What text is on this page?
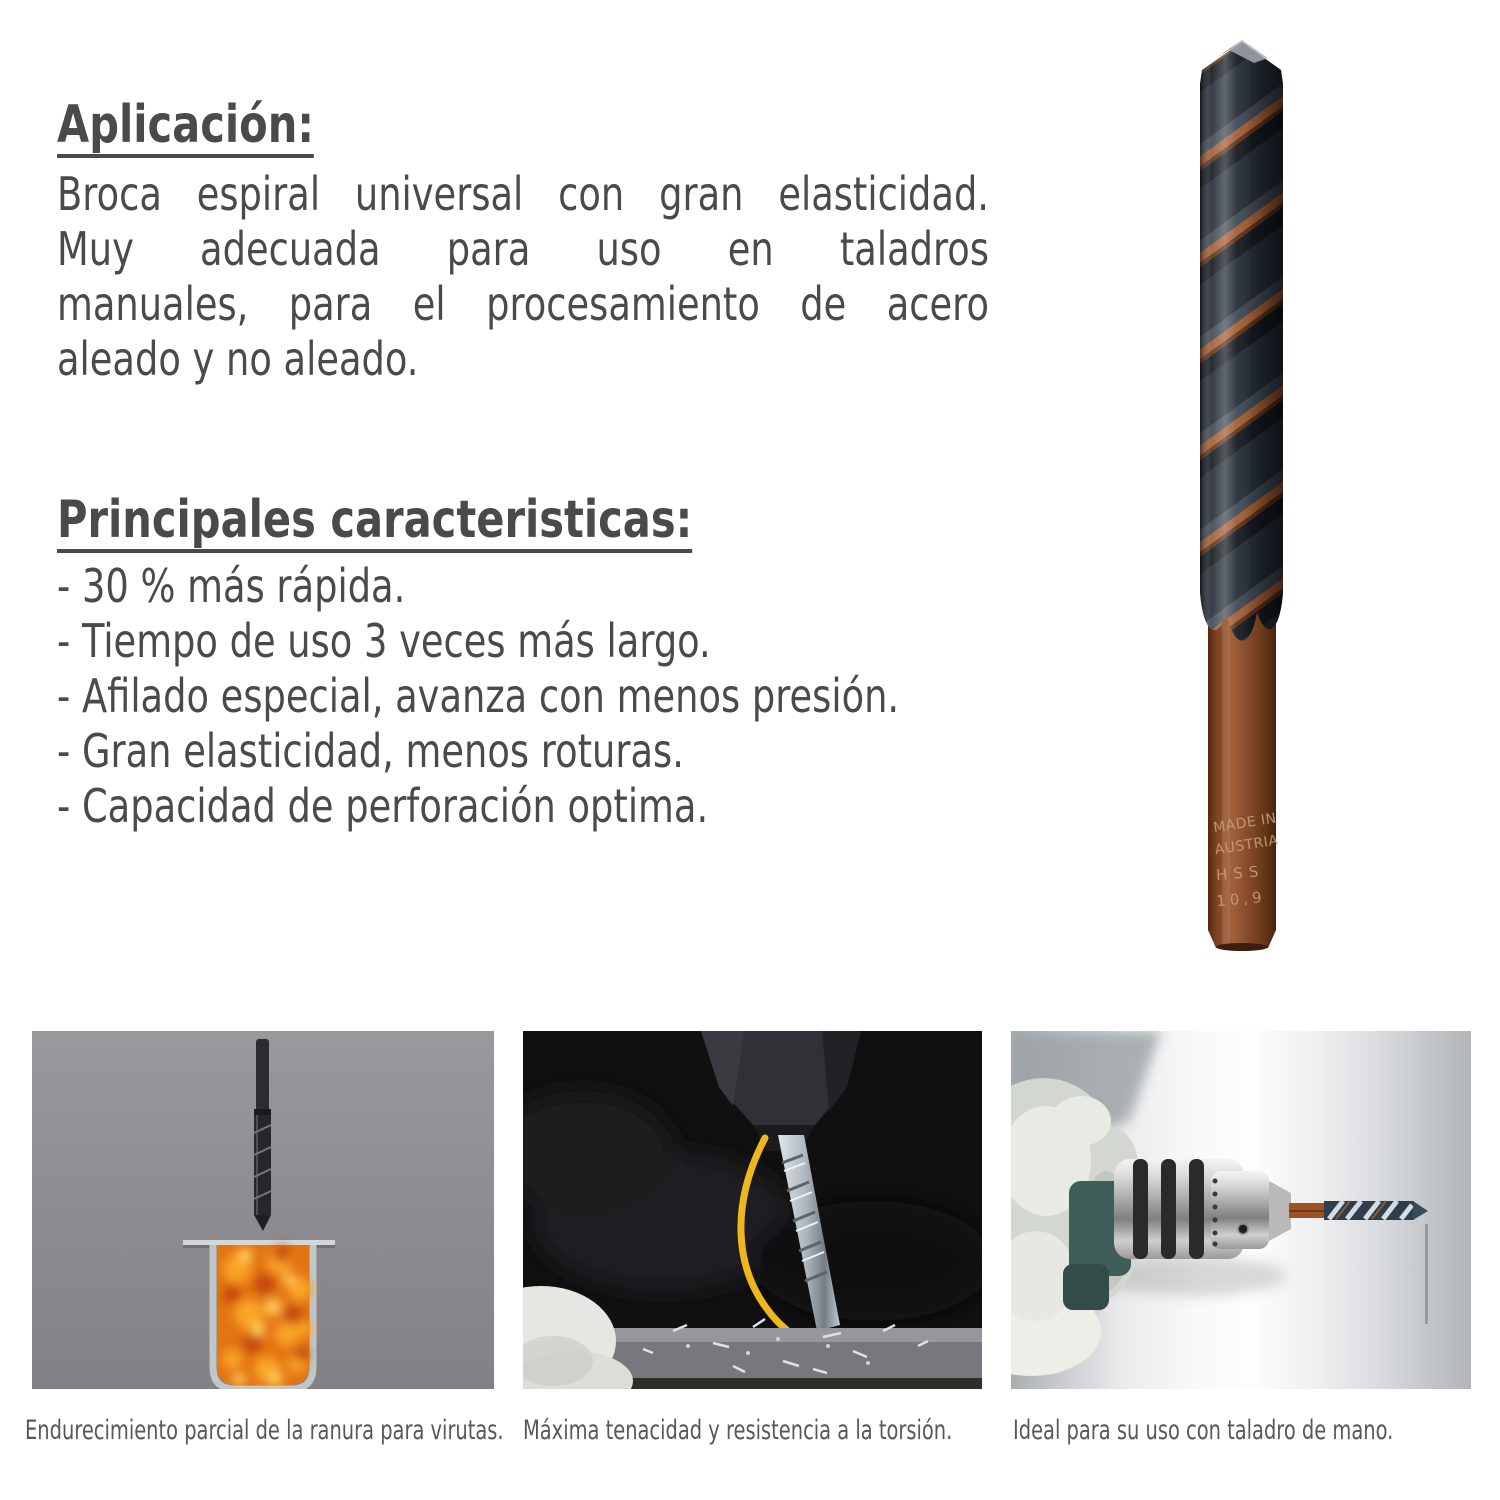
Aplicación:
Broca espiral universal con gran elasticidad.
Muy adecuada para uso en taladros
manuales, para el procesamiento de acero
aleado y no aleado.
Principales caracteristicas:
- 30 % más rápida.
- Tiempo de uso 3 veces más largo.
- Afilado especial, avanza con menos presión.
- Gran elasticidad, menos roturas.
- Capacidad de perforación optima.	MADE IN
AUSTRIA
HSS
10,9
Endurecimiento parcial de la ranura para virutas. Máxima tenacidad y resistencia a la torsión. Ideal para su uso con taladro de mano.
